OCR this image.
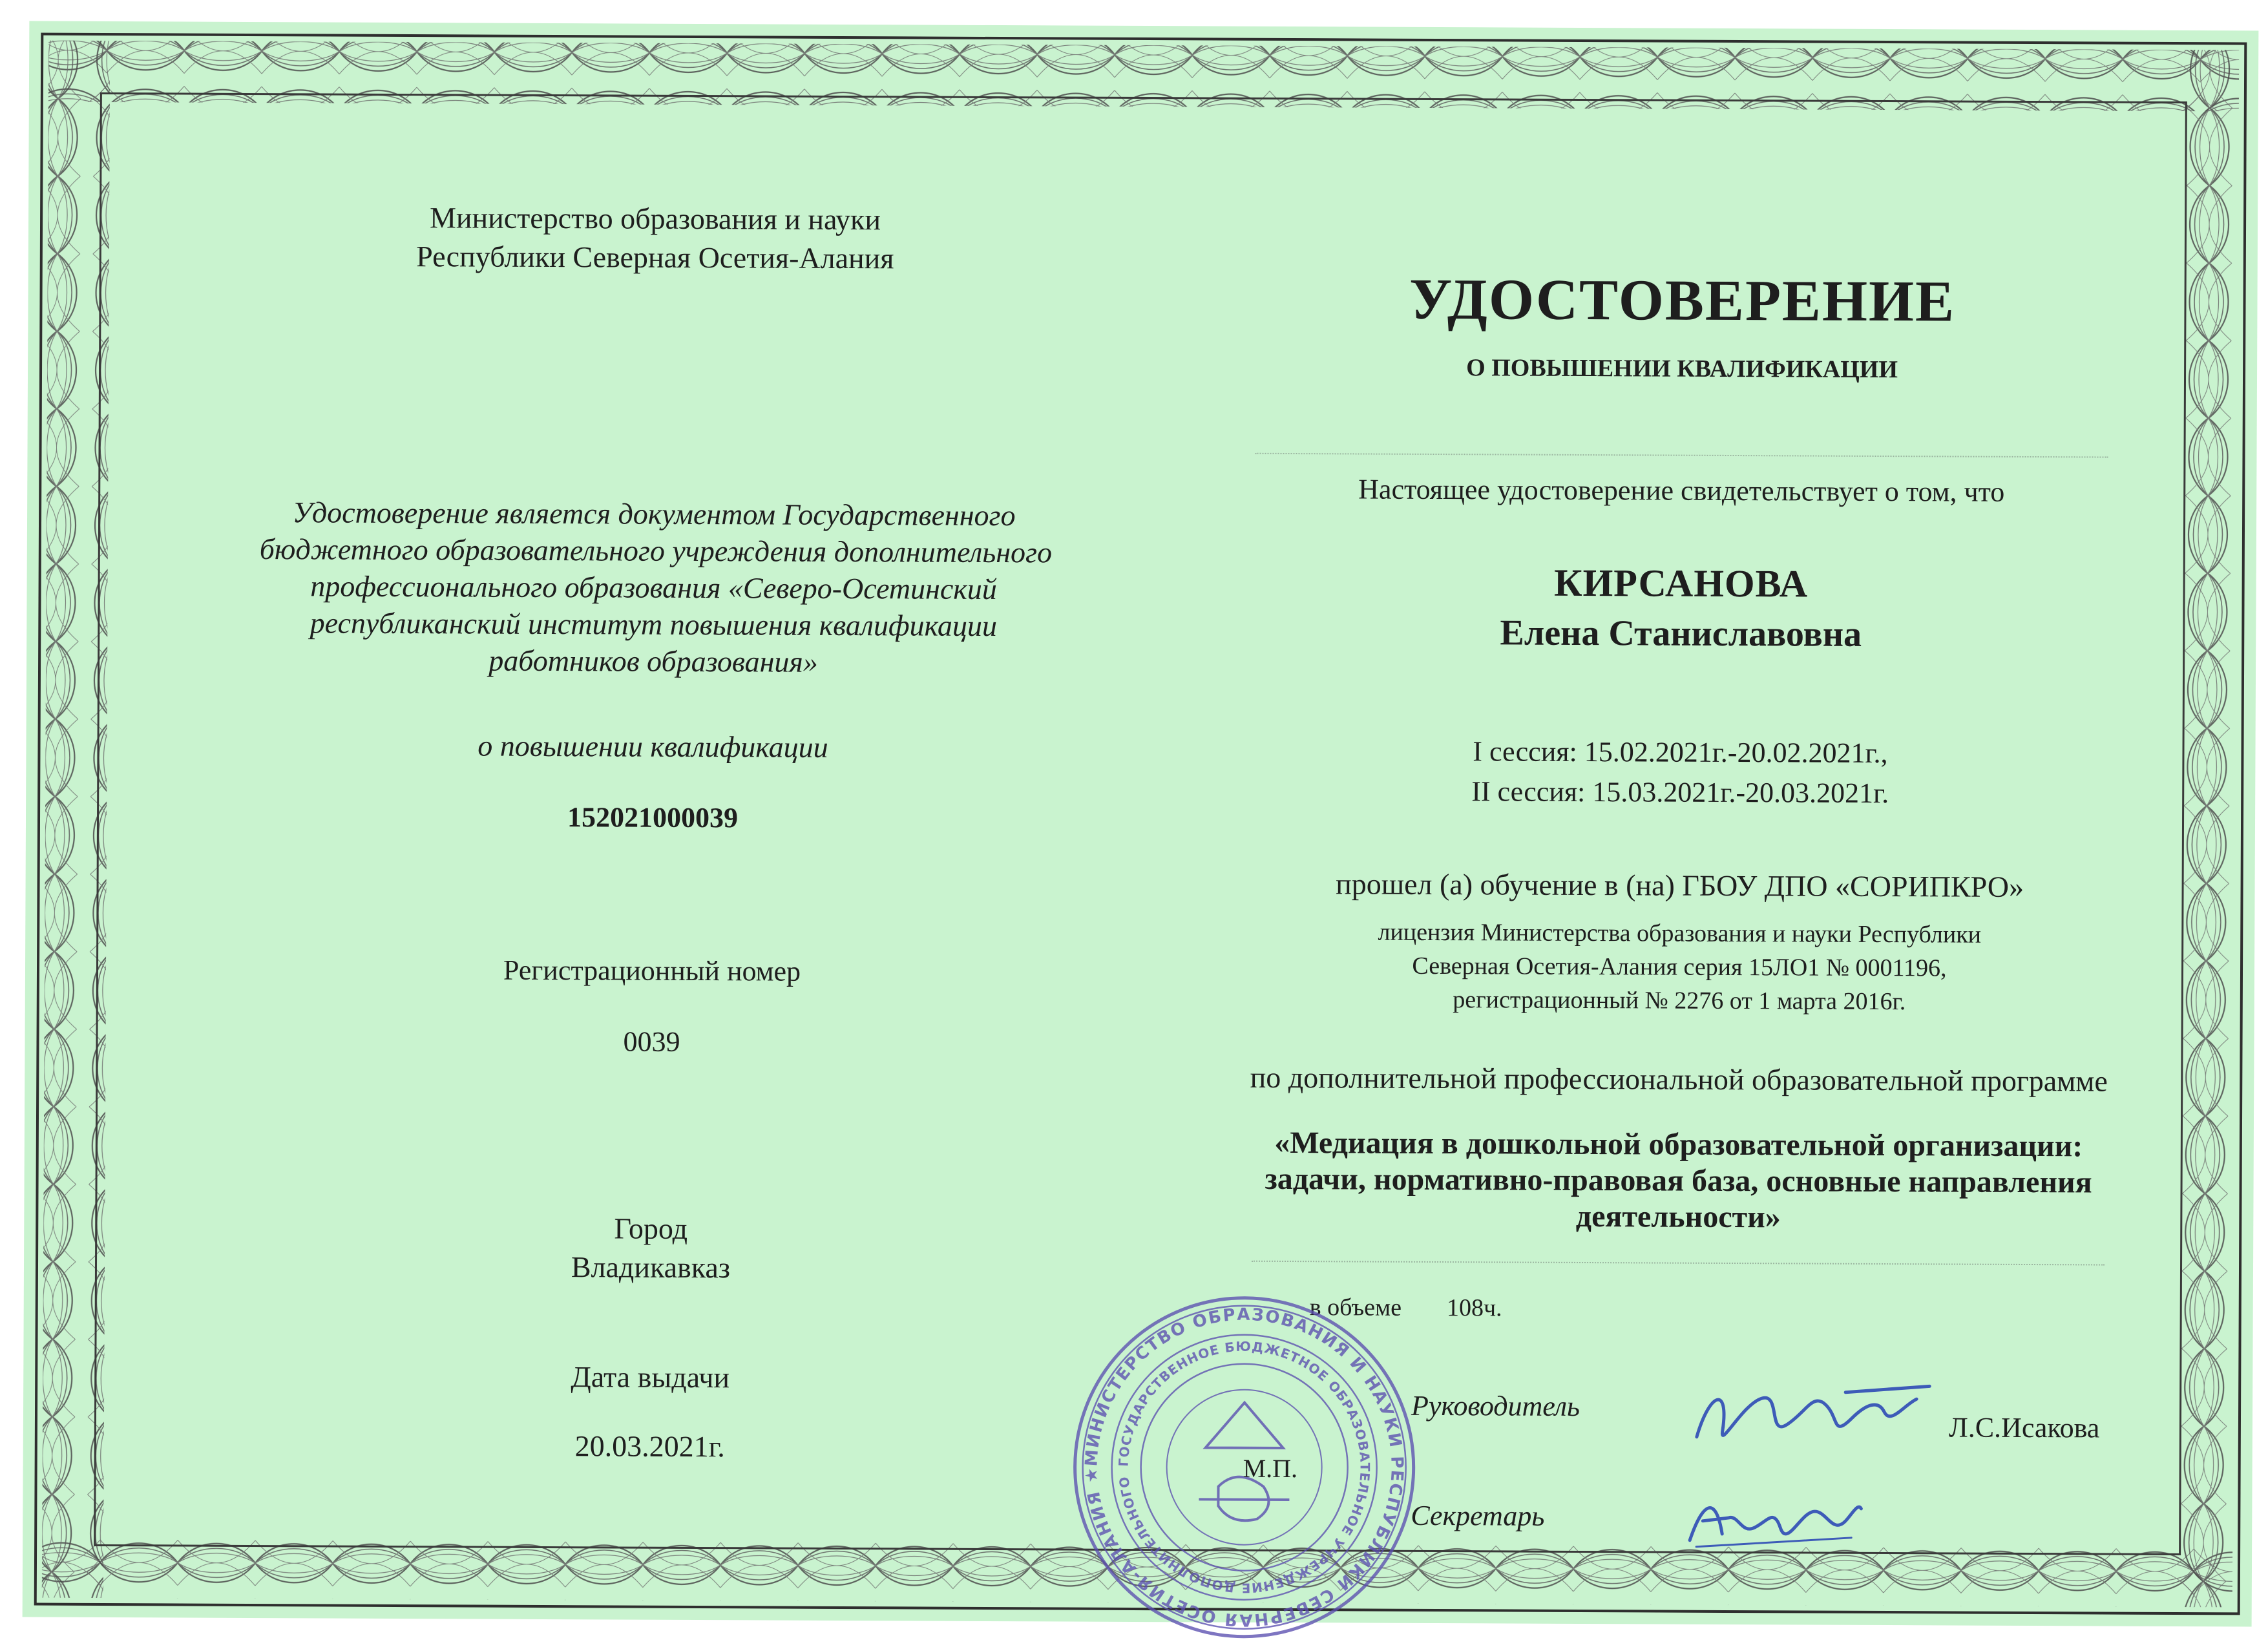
Министерство образования и науки
Республики Северная Осетия-Алания
Удостоверение является документом Государственного
бюджетного образовательного учреждения дополнительного
профессионального образования «Северо-Осетинский
республиканский институт повышения квалификации
работников образования»
о повышении квалификации
152021000039
Регистрационный номер
0039
Город
Владикавказ
Дата выдачи
20.03.2021г.
УДОСТОВЕРЕНИЕ
О ПОВЫШЕНИИ КВАЛИФИКАЦИИ
Настоящее удостоверение свидетельствует о том, что
КИРСАНОВА
Елена Станиславовна
I сессия: 15.02.2021г.-20.02.2021г.,
II сессия: 15.03.2021г.-20.03.2021г.
прошел (а) обучение в (на) ГБОУ ДПО «СОРИПКРО»
лицензия Министерства образования и науки Республики
Северная Осетия-Алания серия 15ЛО1 № 0001196,
регистрационный № 2276 от 1 марта 2016г.
по дополнительной профессиональной образовательной программе
«Медиация в дошкольной образовательной организации:
задачи, нормативно-правовая база, основные направления
деятельности»
в объеме 108ч.
МИНИСТЕРСТВО ОБРАЗОВАНИЯ И НАУКИ РЕСПУБЛИКИ СЕВЕРНАЯ ОСЕТИЯ-АЛАНИЯ ★
ГОСУДАРСТВЕННОЕ БЮДЖЕТНОЕ ОБРАЗОВАТЕЛЬНОЕ УЧРЕЖДЕНИЕ ДОПОЛНИТЕЛЬНОГО	М.П.
Руководитель
Л.С.Исакова
Секретарь
